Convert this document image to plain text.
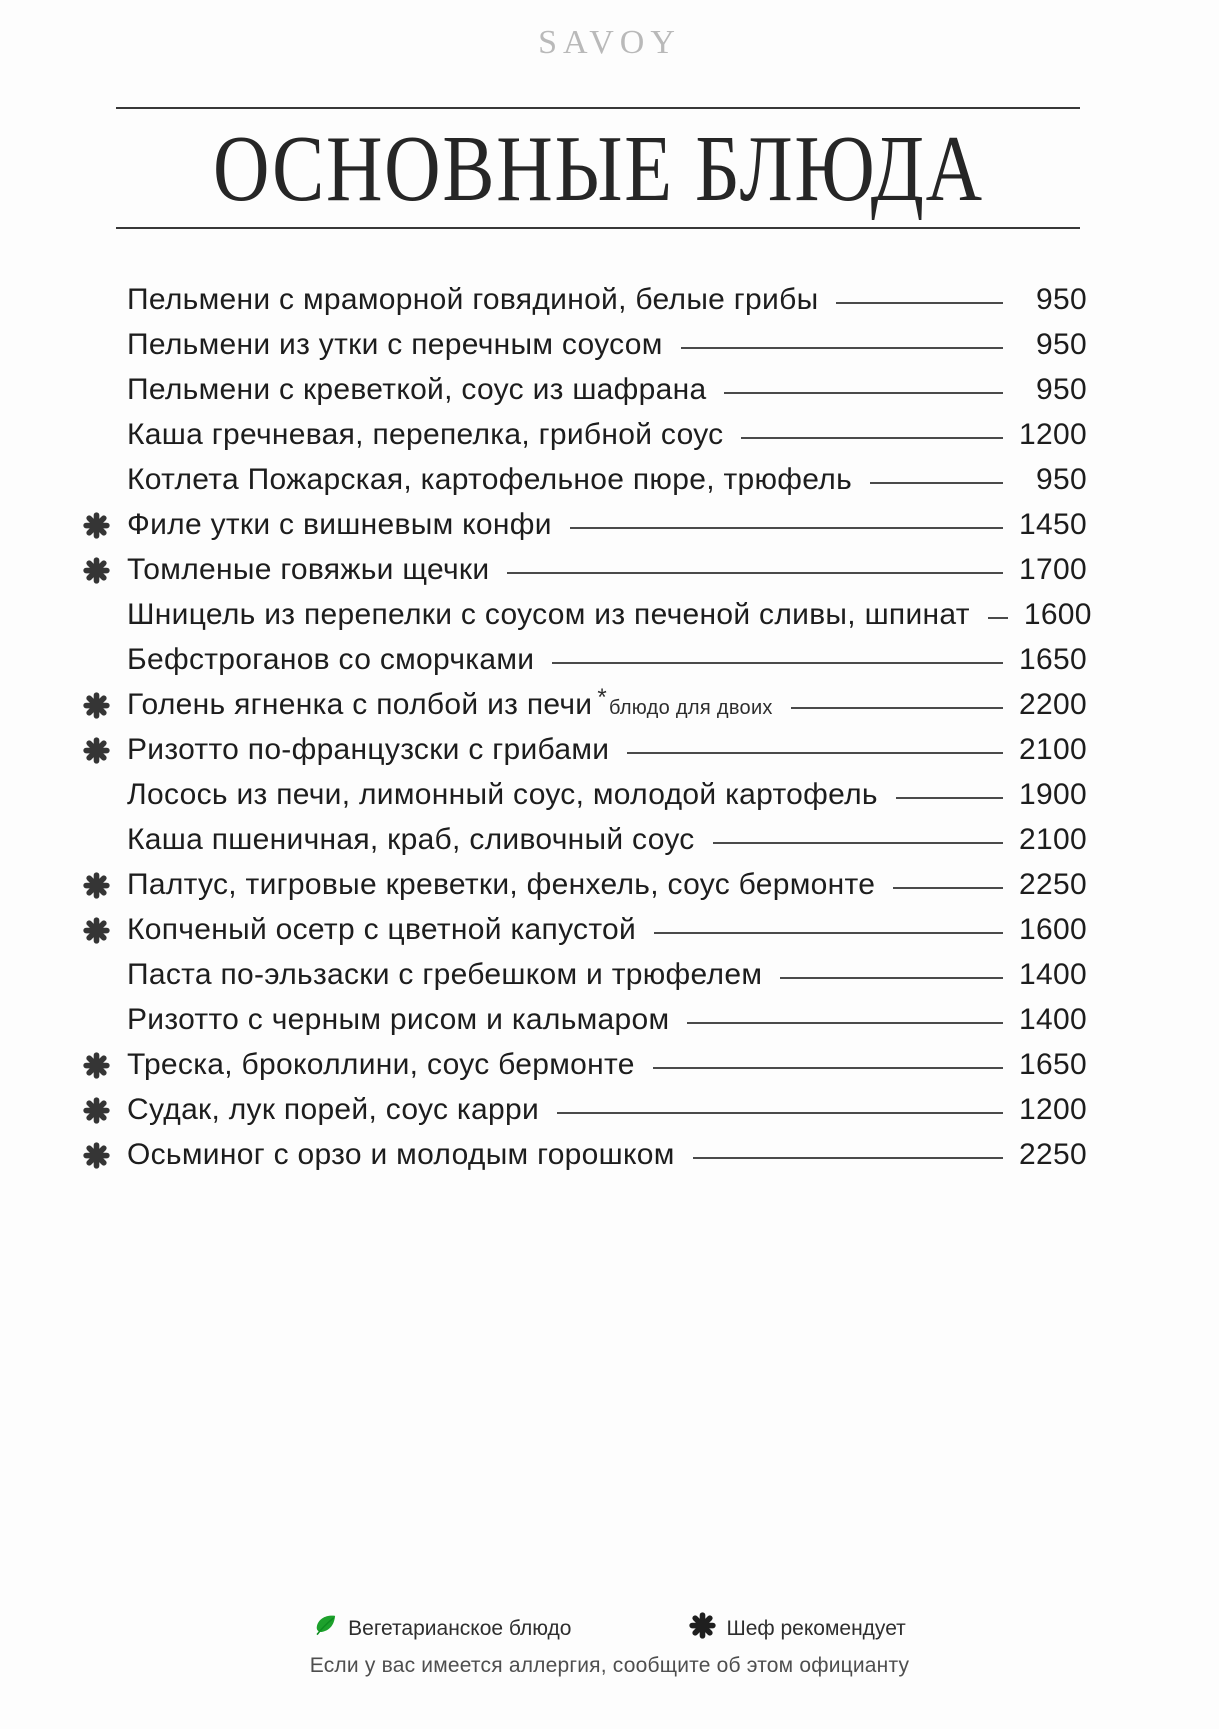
SAVOY
ОСНОВНЫЕ БЛЮДА
Пельмени с мраморной говядиной, белые грибы	950
Пельмени из утки с перечным соусом	950
Пельмени с креветкой, соус из шафрана	950
Каша гречневая, перепелка, грибной соус	1200
Котлета Пожарская, картофельное пюре, трюфель	950
Филе утки с вишневым конфи	1450
Томленые говяжьи щечки	1700
Шницель из перепелки с соусом из печеной сливы, шпинат	1600
Бефстроганов со сморчками	1650
Голень ягненка с полбой из печи * блюдо для двоих	2200
Ризотто по-французски с грибами	2100
Лосось из печи, лимонный соус, молодой картофель	1900
Каша пшеничная, краб, сливочный соус	2100
Палтус, тигровые креветки, фенхель, соус бермонте	2250
Копченый осетр с цветной капустой	1600
Паста по-эльзаски с гребешком и трюфелем	1400
Ризотто с черным рисом и кальмаром	1400
Треска, броколлини, соус бермонте	1650
Судак, лук порей, соус карри	1200
Осьминог с орзо и молодым горошком	2250
Вегетарианское блюдо	Шеф рекомендует
Если у вас имеется аллергия, сообщите об этом официанту
